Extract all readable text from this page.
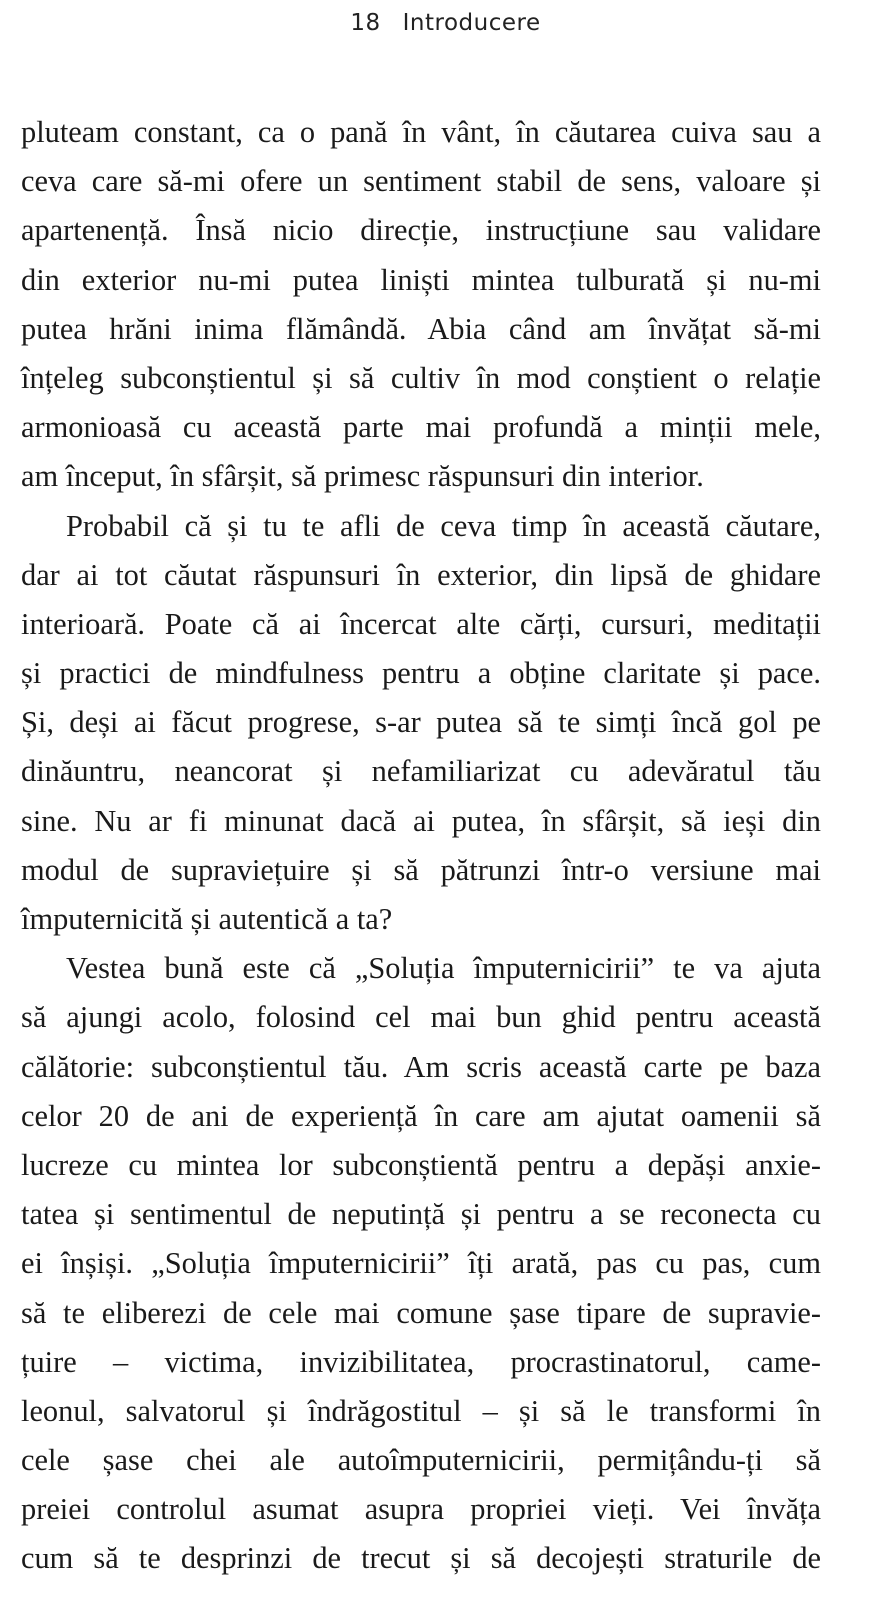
18 Introducere
pluteam constant, ca o pană în vânt, în căutarea cuiva sau a
ceva care să-mi ofere un sentiment stabil de sens, valoare și
apartenență. Însă nicio direcție, instrucțiune sau validare
din exterior nu-mi putea liniști mintea tulburată și nu-mi
putea hrăni inima flămândă. Abia când am învățat să-mi
înțeleg subconștientul și să cultiv în mod conștient o relație
armonioasă cu această parte mai profundă a minții mele,
am început, în sfârșit, să primesc răspunsuri din interior.
Probabil că și tu te afli de ceva timp în această căutare,
dar ai tot căutat răspunsuri în exterior, din lipsă de ghidare
interioară. Poate că ai încercat alte cărți, cursuri, meditații
și practici de mindfulness pentru a obține claritate și pace.
Și, deși ai făcut progrese, s-ar putea să te simți încă gol pe
dinăuntru, neancorat și nefamiliarizat cu adevăratul tău
sine. Nu ar fi minunat dacă ai putea, în sfârșit, să ieși din
modul de supraviețuire și să pătrunzi într-o versiune mai
împuternicită și autentică a ta?
Vestea bună este că „Soluția împuternicirii” te va ajuta
să ajungi acolo, folosind cel mai bun ghid pentru această
călătorie: subconștientul tău. Am scris această carte pe baza
celor 20 de ani de experiență în care am ajutat oamenii să
lucreze cu mintea lor subconștientă pentru a depăși anxie-
tatea și sentimentul de neputință și pentru a se reconecta cu
ei înșiși. „Soluția împuternicirii” îți arată, pas cu pas, cum
să te eliberezi de cele mai comune șase tipare de supravie-
țuire – victima, invizibilitatea, procrastinatorul, came-
leonul, salvatorul și îndrăgostitul – și să le transformi în
cele șase chei ale autoîmputernicirii, permițându-ți să
preiei controlul asumat asupra propriei vieți. Vei învăța
cum să te desprinzi de trecut și să decojești straturile de
